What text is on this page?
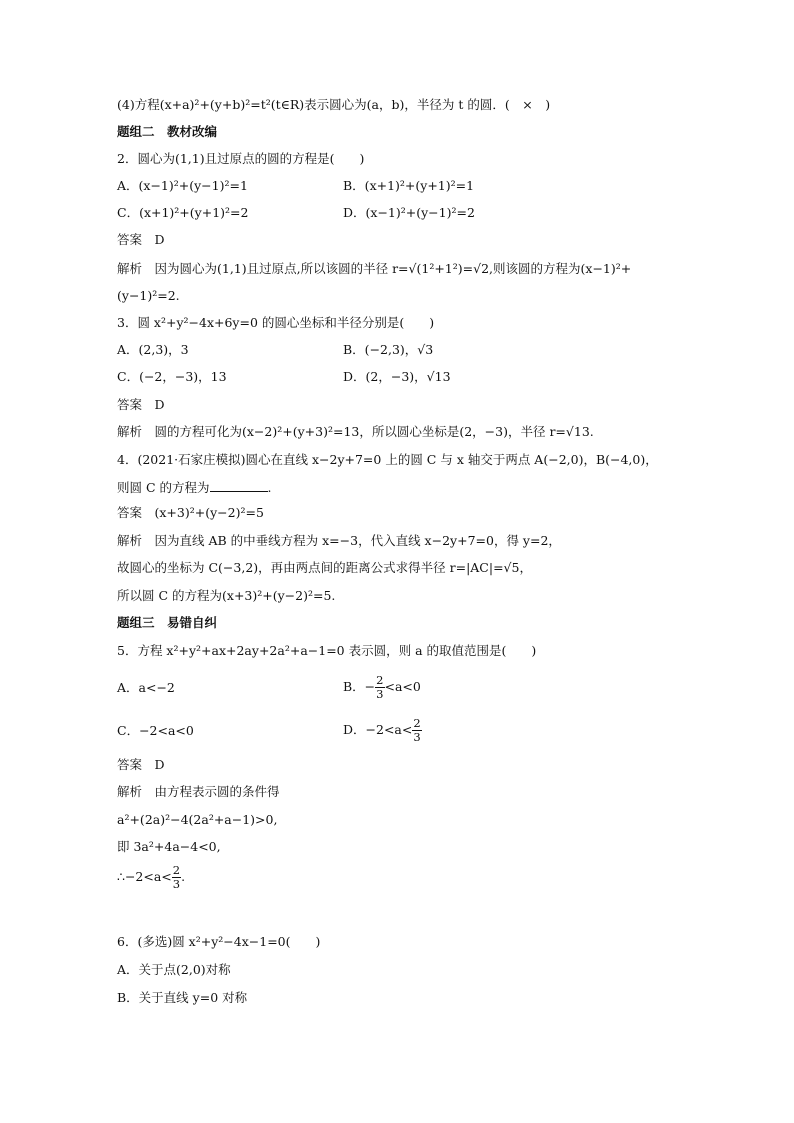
(4)方程(x+a)²+(y+b)²=t²(t∈R)表示圆心为(a，b)，半径为 t 的圆．(　×　)
题组二　教材改编
2．圆心为(1,1)且过原点的圆的方程是(　　)
A．(x−1)²+(y−1)²=1	B．(x+1)²+(y+1)²=1
C．(x+1)²+(y+1)²=2	D．(x−1)²+(y−1)²=2
答案　D
解析　因为圆心为(1,1)且过原点,所以该圆的半径 r=√(1²+1²)=√2,则该圆的方程为(x−1)²+
(y−1)²=2.
3．圆 x²+y²−4x+6y=0 的圆心坐标和半径分别是(　　)
A．(2,3)，3	B．(−2,3)，√3
C．(−2，−3)，13	D．(2，−3)，√13
答案　D
解析　圆的方程可化为(x−2)²+(y+3)²=13，所以圆心坐标是(2，−3)，半径 r=√13.
4．(2021·石家庄模拟)圆心在直线 x−2y+7=0 上的圆 C 与 x 轴交于两点 A(−2,0)，B(−4,0)，
则圆 C 的方程为	.
答案　(x+3)²+(y−2)²=5
解析　因为直线 AB 的中垂线方程为 x=−3，代入直线 x−2y+7=0，得 y=2，
故圆心的坐标为 C(−3,2)，再由两点间的距离公式求得半径 r=|AC|=√5，
所以圆 C 的方程为(x+3)²+(y−2)²=5.
题组三　易错自纠
5．方程 x²+y²+ax+2ay+2a²+a−1=0 表示圆，则 a 的取值范围是(　　)
A．a<−2	B．− $\frac{2}{3} <a<0$
C．−2<a<0	D．$-2<a< \frac{2}{3}$
答案　D
解析　由方程表示圆的条件得
a²+(2a)²−4(2a²+a−1)>0,
即 3a²+4a−4<0,
∴−2<a< $\frac{2}{3}$ .
6．(多选)圆 x²+y²−4x−1=0(　　)
A．关于点(2,0)对称
B．关于直线 y=0 对称
